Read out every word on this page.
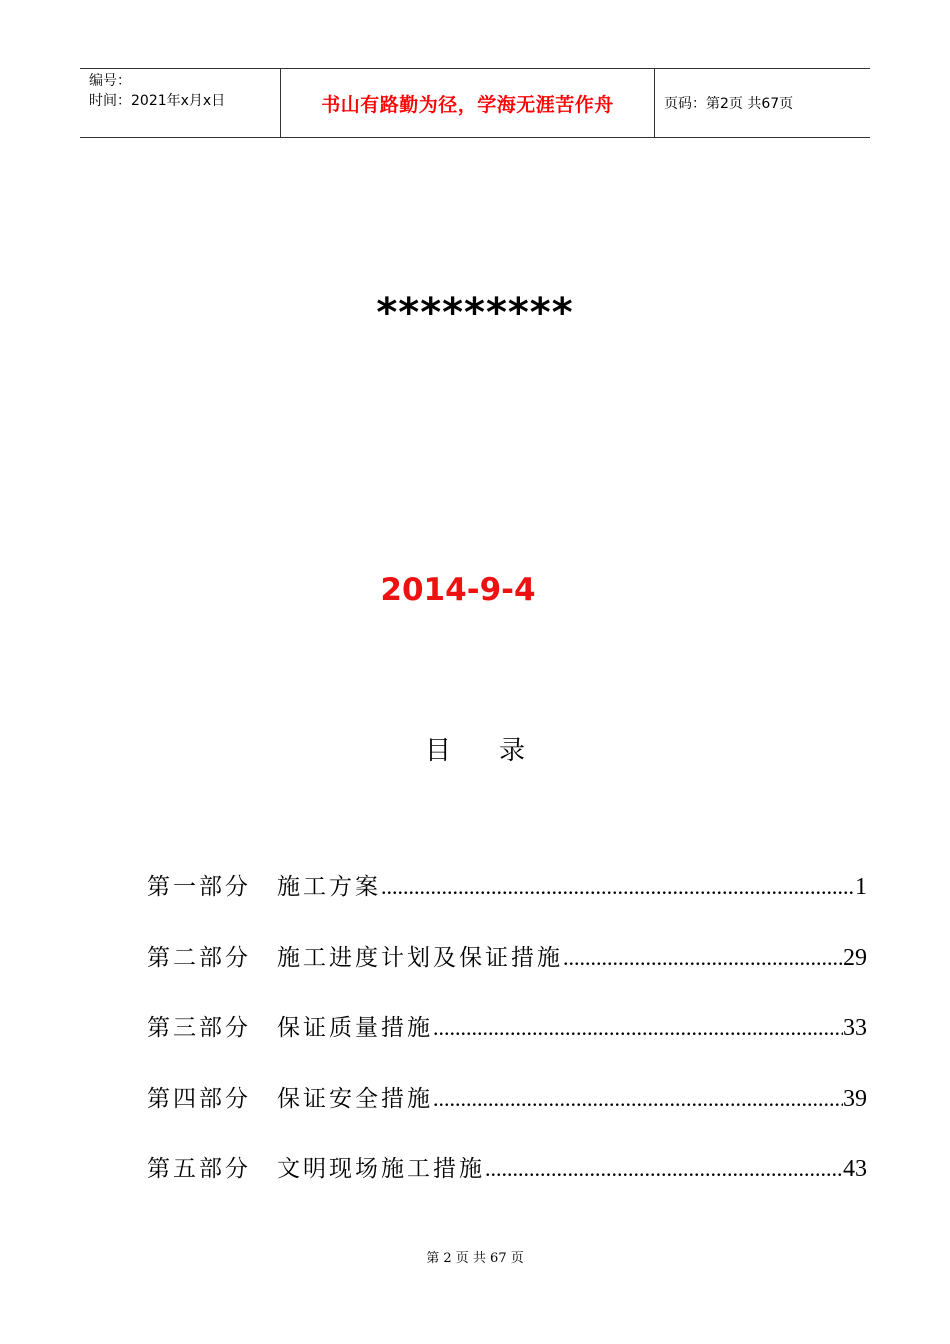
编号：
时间：2021年x月x日	书山有路勤为径，学海无涯苦作舟	页码：第2页 共67页
*********
2014-9-4
目 录
第一部分 施工方案 .....	1
第二部分 施工进度计划及保证措施 .....	29
第三部分 保证质量措施 .....	33
第四部分 保证安全措施 .....	39
第五部分 文明现场施工措施 .....	43
第 2 页 共 67 页
